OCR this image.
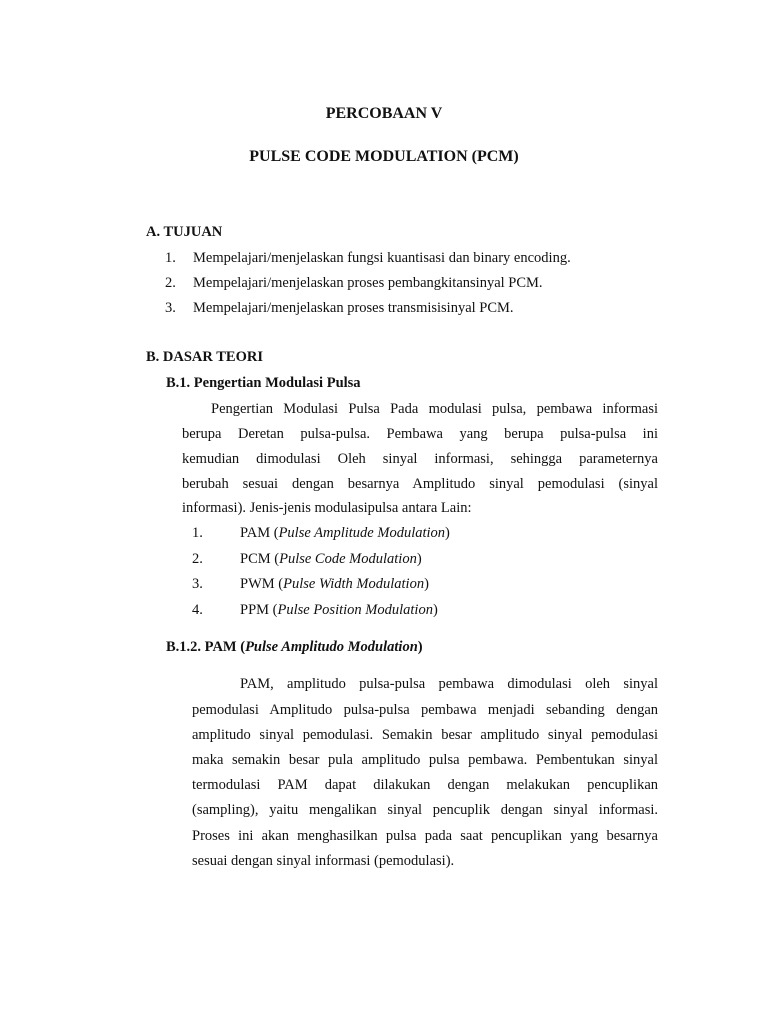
PERCOBAAN V
PULSE CODE MODULATION (PCM)
A. TUJUAN
1. Mempelajari/menjelaskan fungsi kuantisasi dan binary encoding.
2. Mempelajari/menjelaskan proses pembangkitansinyal PCM.
3. Mempelajari/menjelaskan proses transmisisinyal PCM.
B. DASAR TEORI
B.1. Pengertian Modulasi Pulsa
Pengertian Modulasi Pulsa Pada modulasi pulsa, pembawa informasi
berupa Deretan pulsa-pulsa. Pembawa yang berupa pulsa-pulsa ini
kemudian dimodulasi Oleh sinyal informasi, sehingga parameternya
berubah sesuai dengan besarnya Amplitudo sinyal pemodulasi (sinyal
informasi). Jenis-jenis modulasipulsa antara Lain:
1.	PAM (Pulse Amplitude Modulation)
2.	PCM (Pulse Code Modulation)
3.	PWM (Pulse Width Modulation)
4.	PPM (Pulse Position Modulation)
B.1.2. PAM (Pulse Amplitudo Modulation)
PAM, amplitudo pulsa-pulsa pembawa dimodulasi oleh sinyal
pemodulasi Amplitudo pulsa-pulsa pembawa menjadi sebanding dengan
amplitudo sinyal pemodulasi. Semakin besar amplitudo sinyal pemodulasi
maka semakin besar pula amplitudo pulsa pembawa. Pembentukan sinyal
termodulasi PAM dapat dilakukan dengan melakukan pencuplikan
(sampling), yaitu mengalikan sinyal pencuplik dengan sinyal informasi.
Proses ini akan menghasilkan pulsa pada saat pencuplikan yang besarnya
sesuai dengan sinyal informasi (pemodulasi).
